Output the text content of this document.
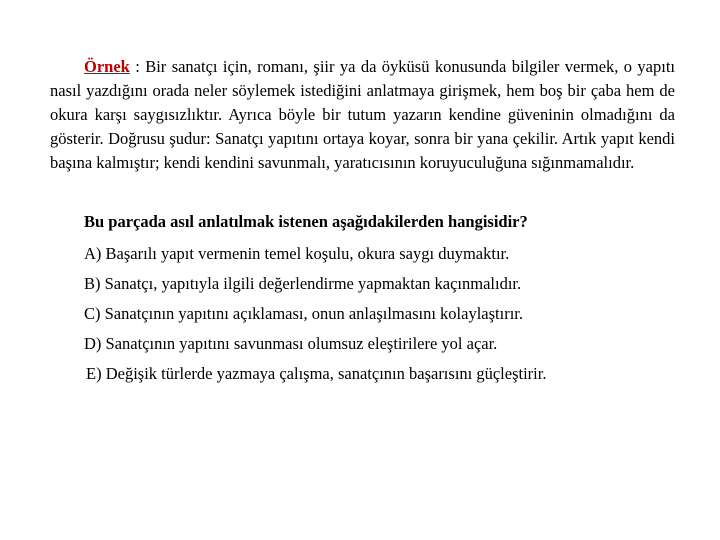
Örnek : Bir sanatçı için, romanı, şiir ya da öyküsü konusunda bilgiler vermek, o yapıtı nasıl yazdığını orada neler söylemek istediğini anlatmaya girişmek, hem boş bir çaba hem de okura karşı saygısızlıktır. Ayrıca böyle bir tutum yazarın kendine güveninin olmadığını da gösterir. Doğrusu şudur: Sanatçı yapıtını ortaya koyar, sonra bir yana çekilir. Artık yapıt kendi başına kalmıştır; kendi kendini savunmalı, yaratıcısının koruyuculuğuna sığınmamalıdır.

Bu parçada asıl anlatılmak istenen aşağıdakilerden hangisidir?

A) Başarılı yapıt vermenin temel koşulu, okura saygı duymaktır.
B) Sanatçı, yapıtıyla ilgili değerlendirme yapmaktan kaçınmalıdır.
C) Sanatçının yapıtını açıklaması, onun anlaşılmasını kolaylaştırır.
D) Sanatçının yapıtını savunması olumsuz eleştirilere yol açar.
E) Değişik türlerde yazmaya çalışma, sanatçının başarısını güçleştirir.
